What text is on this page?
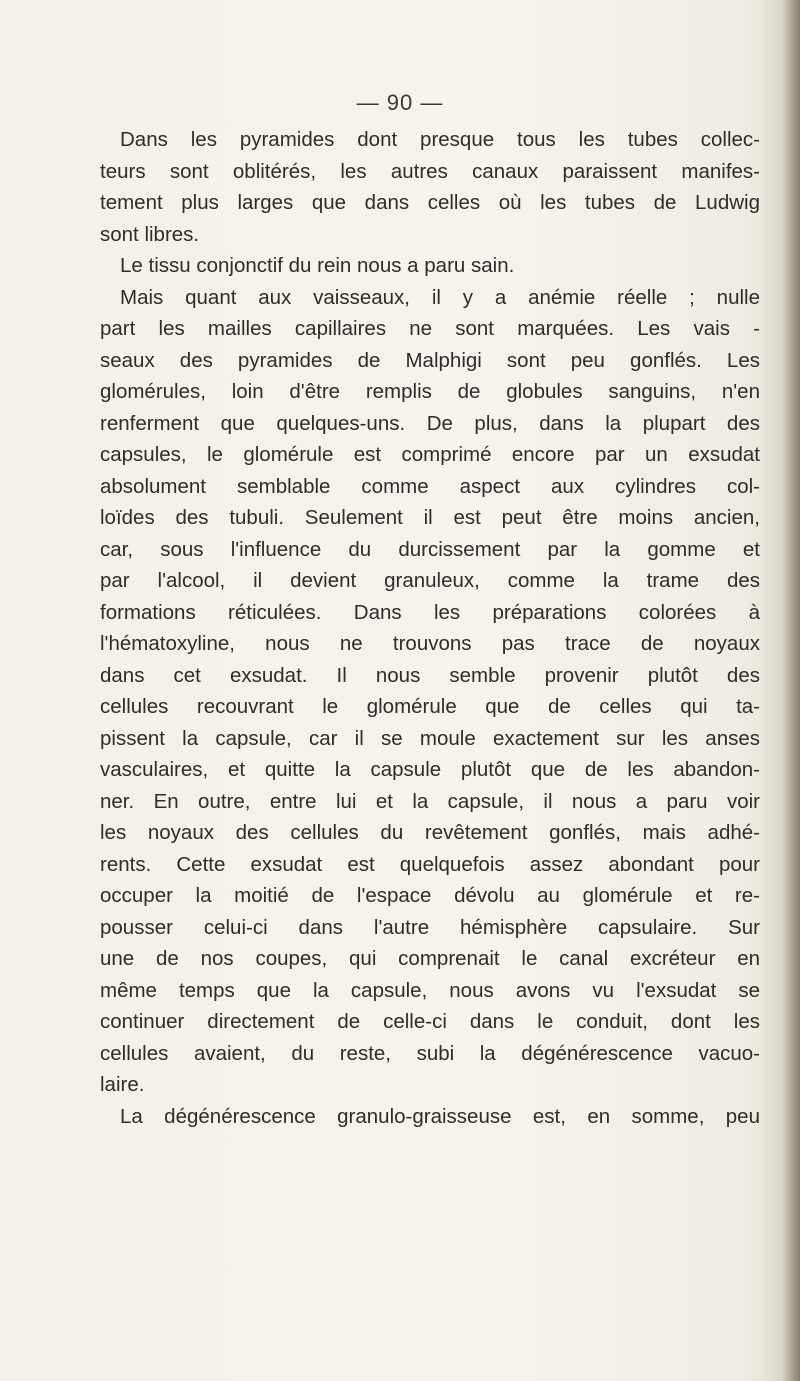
— 90 —
Dans les pyramides dont presque tous les tubes collec-
teurs sont oblitérés, les autres canaux paraissent manifes-
tement plus larges que dans celles où les tubes de Ludwig
sont libres.
Le tissu conjonctif du rein nous a paru sain.
Mais quant aux vaisseaux, il y a anémie réelle ; nulle
part les mailles capillaires ne sont marquées. Les vais -
seaux des pyramides de Malphigi sont peu gonflés. Les
glomérules, loin d'être remplis de globules sanguins, n'en
renferment que quelques-uns. De plus, dans la plupart des
capsules, le glomérule est comprimé encore par un exsudat
absolument semblable comme aspect aux cylindres col-
loïdes des tubuli. Seulement il est peut être moins ancien,
car, sous l'influence du durcissement par la gomme et
par l'alcool, il devient granuleux, comme la trame des
formations réticulées. Dans les préparations colorées à
l'hématoxyline, nous ne trouvons pas trace de noyaux
dans cet exsudat. Il nous semble provenir plutôt des
cellules recouvrant le glomérule que de celles qui ta-
pissent la capsule, car il se moule exactement sur les anses
vasculaires, et quitte la capsule plutôt que de les abandon-
ner. En outre, entre lui et la capsule, il nous a paru voir
les noyaux des cellules du revêtement gonflés, mais adhé-
rents. Cette exsudat est quelquefois assez abondant pour
occuper la moitié de l'espace dévolu au glomérule et re-
pousser celui-ci dans l'autre hémisphère capsulaire. Sur
une de nos coupes, qui comprenait le canal excréteur en
même temps que la capsule, nous avons vu l'exsudat se
continuer directement de celle-ci dans le conduit, dont les
cellules avaient, du reste, subi la dégénérescence vacuo-
laire.
La dégénérescence granulo-graisseuse est, en somme, peu
